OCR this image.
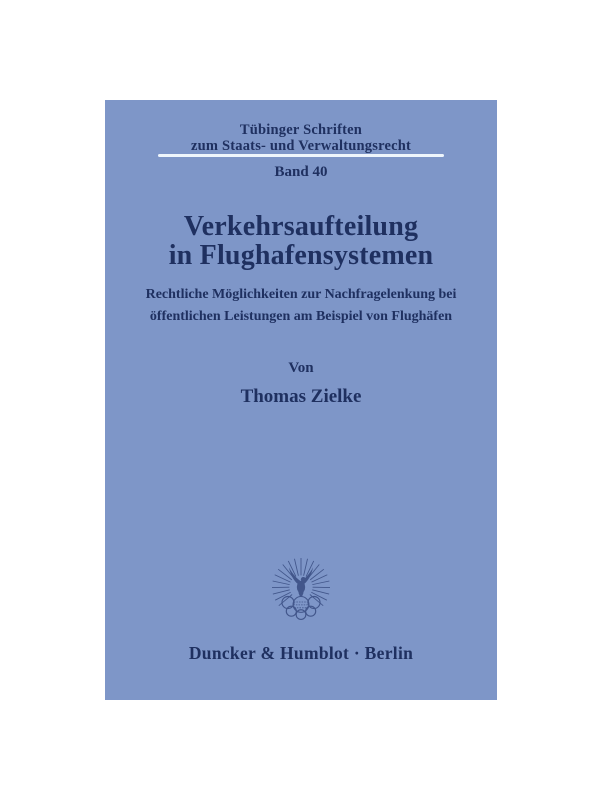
Tübinger Schriften
zum Staats- und Verwaltungsrecht
Band 40
Verkehrsaufteilung
in Flughafensystemen
Rechtliche Möglichkeiten zur Nachfragelenkung bei
öffentlichen Leistungen am Beispiel von Flughäfen
Von
Thomas Zielke
Duncker & Humblot · Berlin
